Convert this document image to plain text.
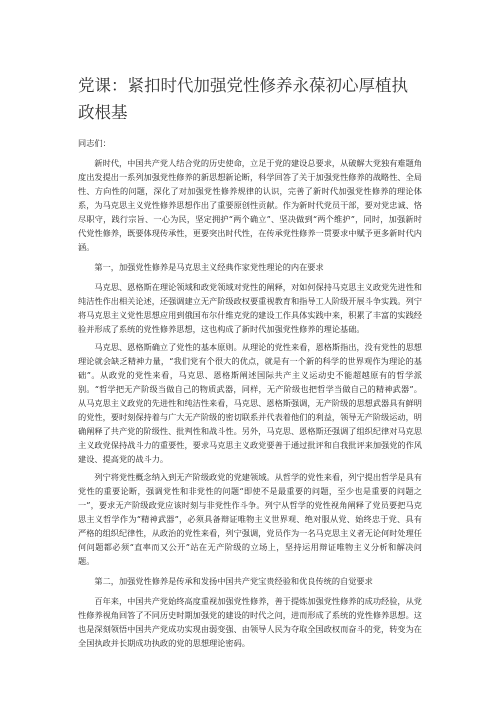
党课：紧扣时代加强党性修养永葆初心厚植执政根基

同志们：

新时代，中国共产党人结合党的历史使命，立足于党的建设总要求，从破解大党独有难题角度出发提出一系列加强党性修养的新思想新论断，科学回答了关于加强党性修养的战略性、全局性、方向性的问题，深化了对加强党性修养规律的认识，完善了新时代加强党性修养的理论体系，为马克思主义党性修养思想作出了重要原创性贡献。作为新时代党员干部，要对党忠诚、恪尽职守，践行宗旨、一心为民，坚定拥护“两个确立”、坚决做到“两个维护”，同时，加强新时代党性修养，既要体现传承性，更要突出时代性，在传承党性修养一贯要求中赋予更多新时代内涵。

第一，加强党性修养是马克思主义经典作家党性理论的内在要求

马克思、恩格斯在理论领域和政党领域对党性的阐释，对如何保持马克思主义政党先进性和纯洁性作出相关论述，还强调建立无产阶级政权要重视教育和指导工人阶级开展斗争实践。列宁将马克思主义党性思想应用到俄国布尔什维克党的建设工作具体实践中来，积累了丰富的实践经验并形成了系统的党性修养思想，这也构成了新时代加强党性修养的理论基础。

马克思、恩格斯确立了党性的基本原则。从理论的党性来看，恩格斯指出，没有党性的思想理论就会缺乏精神力量，“我们党有个很大的优点，就是有一个新的科学的世界观作为理论的基础”。从政党的党性来看，马克思、恩格斯阐述国际共产主义运动史不能超越原有的哲学派别。“哲学把无产阶级当做自己的物质武器，同样，无产阶级也把哲学当做自己的精神武器”。从马克思主义政党的先进性和纯洁性来看，马克思、恩格斯强调，无产阶级的思想武器具有鲜明的党性，要时刻保持着与广大无产阶级的密切联系并代表着他们的利益，领导无产阶级运动，明确阐释了共产党的阶级性、批判性和战斗性。另外，马克思、恩格斯还强调了组织纪律对马克思主义政党保持战斗力的重要性，要求马克思主义政党要善于通过批评和自我批评来加强党的作风建设、提高党的战斗力。

列宁将党性概念纳入到无产阶级政党的党建领域。从哲学的党性来看，列宁提出哲学是具有党性的重要论断，强调党性和非党性的问题“即使不是最重要的问题，至少也是重要的问题之一”，要求无产阶级政党应该时刻与非党性作斗争。列宁从哲学的党性视角阐释了党员要把马克思主义哲学作为“精神武器”，必须具备辩证唯物主义世界观、绝对服从党、始终忠于党、具有严格的组织纪律性，从政治的党性来看，列宁强调，党员作为一名马克思主义者无论何时处理任何问题都必须“直率而又公开”站在无产阶级的立场上，坚持运用辩证唯物主义分析和解决问题。

第二，加强党性修养是传承和发扬中国共产党宝贵经验和优良传统的自觉要求

百年来，中国共产党始终高度重视加强党性修养，善于提炼加强党性修养的成功经验，从党性修养视角回答了不同历史时期加强党的建设的时代之问，进而形成了系统的党性修养思想。这也是深刻领悟中国共产党成功实现由弱变强、由领导人民为夺取全国政权而奋斗的党，转变为在全国执政并长期成功执政的党的思想理论密码。
